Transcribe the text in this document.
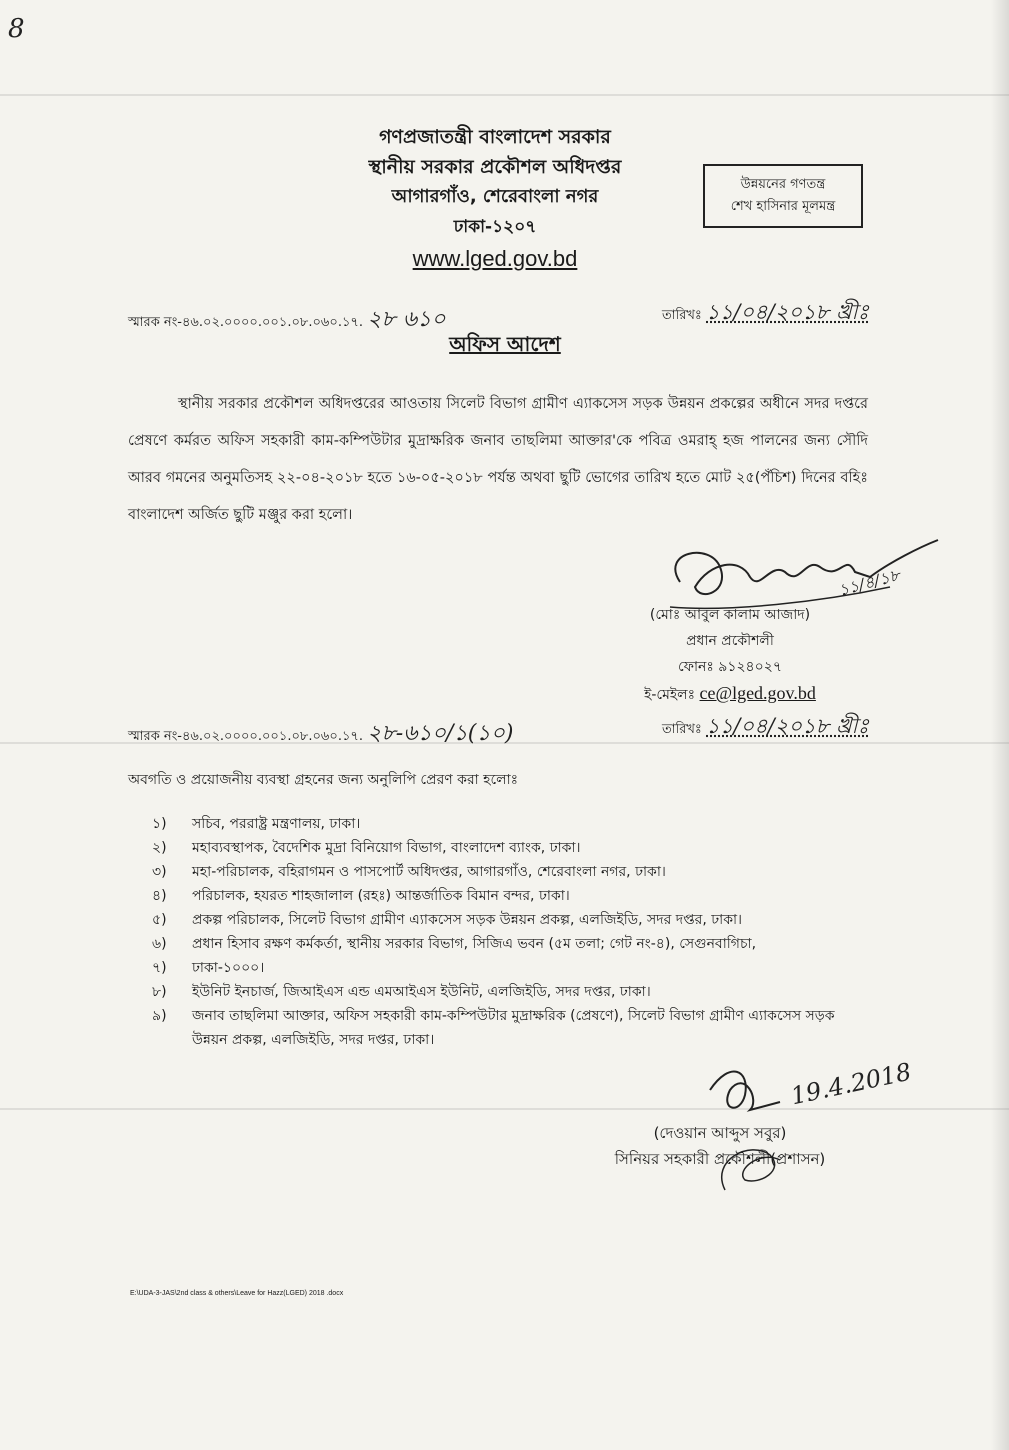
8
গণপ্রজাতন্ত্রী বাংলাদেশ সরকার
স্থানীয় সরকার প্রকৌশল অধিদপ্তর
আগারগাঁও, শেরেবাংলা নগর
ঢাকা-১২০৭
www.lged.gov.bd
উন্নয়নের গণতন্ত্র
শেখ হাসিনার মূলমন্ত্র
স্মারক নং-৪৬.০২.০০০০.০০১.০৮.০৬০.১৭. ২৮ ৬১০	তারিখঃ ১১/০৪/২০১৮ খ্রীঃ
অফিস আদেশ
স্থানীয় সরকার প্রকৌশল অধিদপ্তরের আওতায় সিলেট বিভাগ গ্রামীণ এ্যাকসেস সড়ক উন্নয়ন প্রকল্পের অধীনে সদর দপ্তরে প্রেষণে কর্মরত অফিস সহকারী কাম-কম্পিউটার মুদ্রাক্ষরিক জনাব তাছলিমা আক্তার'কে পবিত্র ওমরাহ্ হজ পালনের জন্য সৌদি আরব গমনের অনুমতিসহ ২২-০৪-২০১৮ হতে ১৬-০৫-২০১৮ পর্যন্ত অথবা ছুটি ভোগের তারিখ হতে মোট ২৫(পঁচিশ) দিনের বহিঃ বাংলাদেশ অর্জিত ছুটি মঞ্জুর করা হলো।
১১/৪/১৮
(মোঃ আবুল কালাম আজাদ)
প্রধান প্রকৌশলী
ফোনঃ ৯১২৪০২৭
ই-মেইলঃ ce@lged.gov.bd
স্মারক নং-৪৬.০২.০০০০.০০১.০৮.০৬০.১৭. ২৮-৬১০/১(১০)	তারিখঃ ১১/০৪/২০১৮ খ্রীঃ
অবগতি ও প্রয়োজনীয় ব্যবস্থা গ্রহনের জন্য অনুলিপি প্রেরণ করা হলোঃ
১)	সচিব, পররাষ্ট্র মন্ত্রণালয়, ঢাকা।
২)	মহাব্যবস্থাপক, বৈদেশিক মুদ্রা বিনিয়োগ বিভাগ, বাংলাদেশ ব্যাংক, ঢাকা।
৩)	মহা-পরিচালক, বহিরাগমন ও পাসপোর্ট অধিদপ্তর, আগারগাঁও, শেরেবাংলা নগর, ঢাকা।
৪)	পরিচালক, হযরত শাহজালাল (রহঃ) আন্তর্জাতিক বিমান বন্দর, ঢাকা।
৫)	প্রকল্প পরিচালক, সিলেট বিভাগ গ্রামীণ এ্যাকসেস সড়ক উন্নয়ন প্রকল্প, এলজিইডি, সদর দপ্তর, ঢাকা।
৬)	প্রধান হিসাব রক্ষণ কর্মকর্তা, স্থানীয় সরকার বিভাগ, সিজিএ ভবন (৫ম তলা; গেট নং-৪), সেগুনবাগিচা,
৭)	ঢাকা-১০০০।
৮)	ইউনিট ইনচার্জ, জিআইএস এন্ড এমআইএস ইউনিট, এলজিইডি, সদর দপ্তর, ঢাকা।
৯)	জনাব তাছলিমা আক্তার, অফিস সহকারী কাম-কম্পিউটার মুদ্রাক্ষরিক (প্রেষণে), সিলেট বিভাগ গ্রামীণ এ্যাকসেস সড়ক উন্নয়ন প্রকল্প, এলজিইডি, সদর দপ্তর, ঢাকা।
19.4.2018
(দেওয়ান আব্দুস সবুর)
সিনিয়র সহকারী প্রকৌশলী(প্রশাসন)
E:\UDA-3-JAS\2nd class & others\Leave for Hazz(LGED) 2018 .docx
